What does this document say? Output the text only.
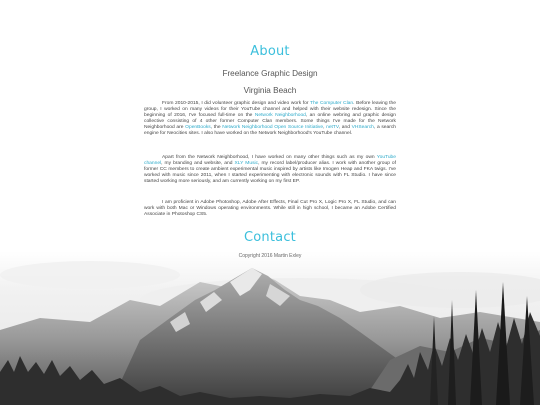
About
Freelance Graphic Design
Virginia Beach

From 2010-2015, I did volunteer graphic design and video work for The Computer Clan. Before leaving the group, I worked on many videos for their YouTube channel and helped with their website redesign. Since the beginning of 2016, I've focused full-time on the Network Neighborhood, an online webring and graphic design collective consisting of 4 other former Computer Clan members. Some things I've made for the Network Neighborhood are OpenBooks, the Network Neighborhood Open Source Initiative, netTV, and VHSearch, a search engine for Neocities sites. I also have worked on the Network Neighborhood's YouTube channel.

Apart from the Network Neighborhood, I have worked on many other things such as my own YouTube channel, my branding and website, and XLY Music, my record label/producer alias. I work with another group of former CC members to create ambient experimental music inspired by artists like Imogen Heap and FKA twigs. I've worked with music since 2011, when I started experimenting with electronic sounds with FL Studio. I have since started working more seriously, and am currently working on my first EP.

I am proficient in Adobe Photoshop, Adobe After Effects, Final Cut Pro X, Logic Pro X, FL Studio, and can work with both Mac or Windows operating environments. While still in high school, I became an Adobe Certified Associate in Photoshop CS5.

Contact
Copyright 2016 Martin Exley
